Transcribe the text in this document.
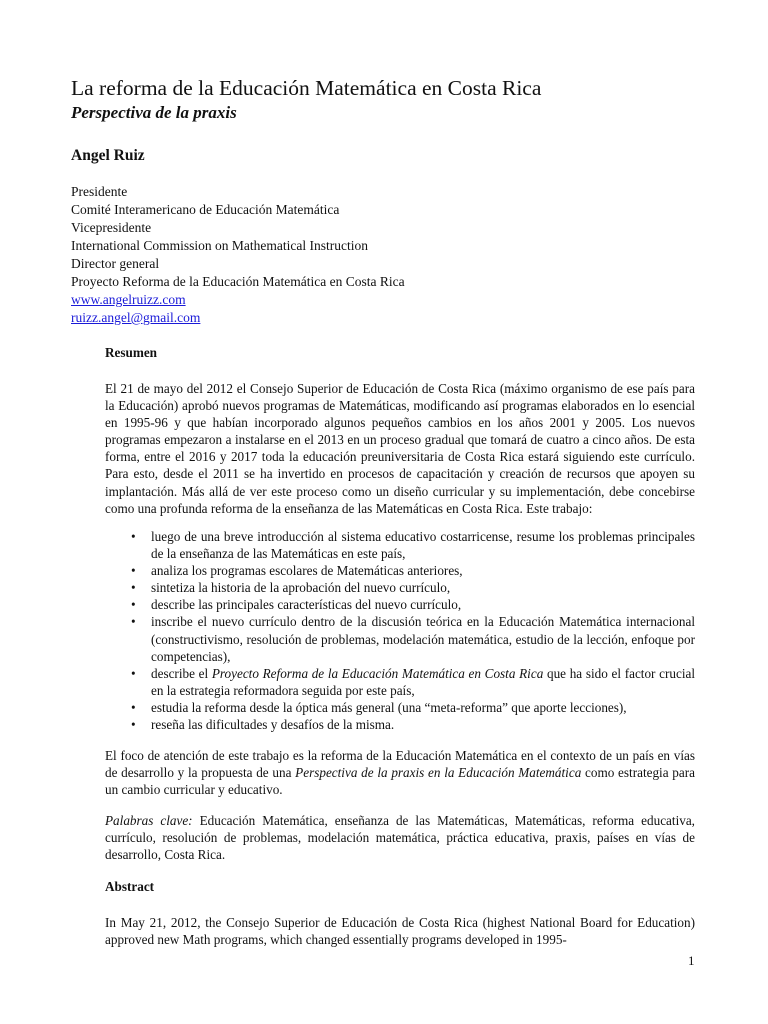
La reforma de la Educación Matemática en Costa Rica
Perspectiva de la praxis
Angel Ruiz
Presidente
Comité Interamericano de Educación Matemática
Vicepresidente
International Commission on Mathematical Instruction
Director general
Proyecto Reforma de la Educación Matemática en Costa Rica
www.angelruizz.com
ruizz.angel@gmail.com
Resumen
El 21 de mayo del 2012 el Consejo Superior de Educación de Costa Rica (máximo organismo de ese país para la Educación) aprobó nuevos programas de Matemáticas, modificando así programas elaborados en lo esencial en 1995-96 y que habían incorporado algunos pequeños cambios en los años 2001 y 2005. Los nuevos programas empezaron a instalarse en el 2013 en un proceso gradual que tomará de cuatro a cinco años. De esta forma, entre el 2016 y 2017 toda la educación preuniversitaria de Costa Rica estará siguiendo este currículo. Para esto, desde el 2011 se ha invertido en procesos de capacitación y creación de recursos que apoyen su implantación. Más allá de ver este proceso como un diseño curricular y su implementación, debe concebirse como una profunda reforma de la enseñanza de las Matemáticas en Costa Rica. Este trabajo:
• luego de una breve introducción al sistema educativo costarricense, resume los problemas principales de la enseñanza de las Matemáticas en este país,
• analiza los programas escolares de Matemáticas anteriores,
• sintetiza la historia de la aprobación del nuevo currículo,
• describe las principales características del nuevo currículo,
• inscribe el nuevo currículo dentro de la discusión teórica en la Educación Matemática internacional (constructivismo, resolución de problemas, modelación matemática, estudio de la lección, enfoque por competencias),
• describe el Proyecto Reforma de la Educación Matemática en Costa Rica que ha sido el factor crucial en la estrategia reformadora seguida por este país,
• estudia la reforma desde la óptica más general (una “meta-reforma” que aporte lecciones),
• reseña las dificultades y desafíos de la misma.
El foco de atención de este trabajo es la reforma de la Educación Matemática en el contexto de un país en vías de desarrollo y la propuesta de una Perspectiva de la praxis en la Educación Matemática como estrategia para un cambio curricular y educativo.
Palabras clave: Educación Matemática, enseñanza de las Matemáticas, Matemáticas, reforma educativa, currículo, resolución de problemas, modelación matemática, práctica educativa, praxis, países en vías de desarrollo, Costa Rica.
Abstract
In May 21, 2012, the Consejo Superior de Educación de Costa Rica (highest National Board for Education) approved new Math programs, which changed essentially programs developed in 1995-
1
